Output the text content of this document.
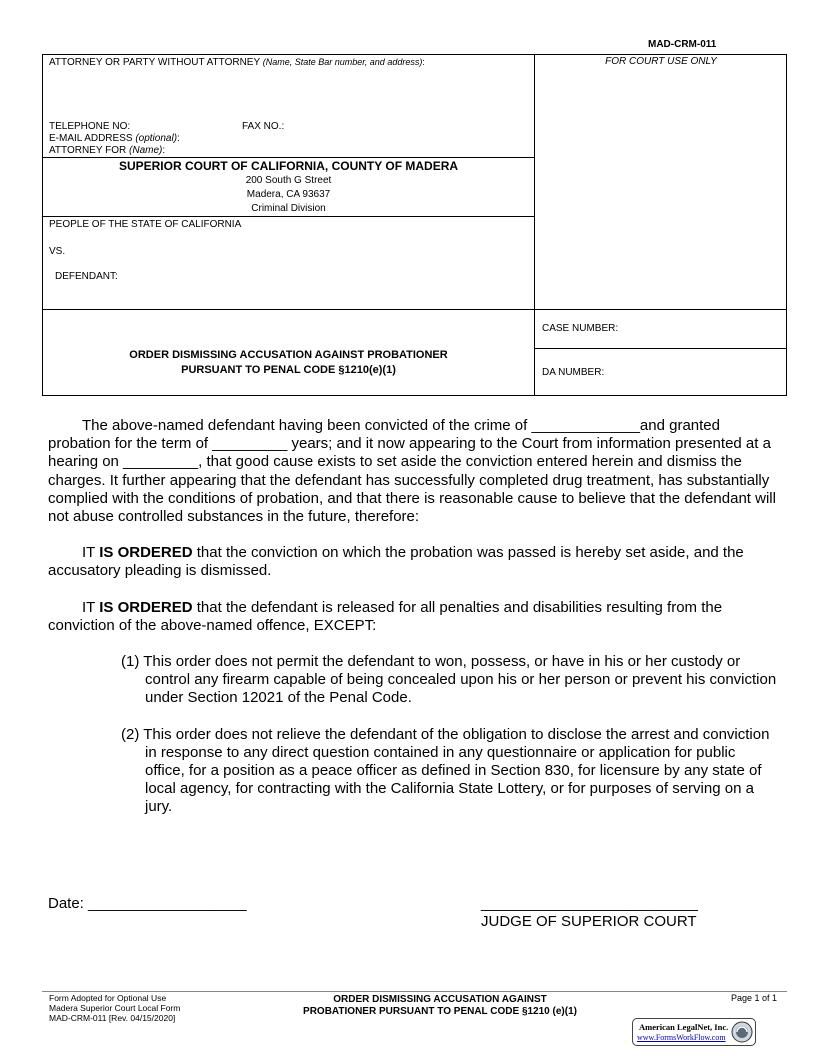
MAD-CRM-011
ATTORNEY OR PARTY WITHOUT ATTORNEY (Name, State Bar number, and address):	FOR COURT USE ONLY
TELEPHONE NO:	FAX NO.:
E-MAIL ADDRESS (optional):
ATTORNEY FOR (Name):
SUPERIOR COURT OF CALIFORNIA, COUNTY OF MADERA
200 South G Street
Madera, CA 93637
Criminal Division
PEOPLE OF THE STATE OF CALIFORNIA
VS.
DEFENDANT:
ORDER DISMISSING ACCUSATION AGAINST PROBATIONER
PURSUANT TO PENAL CODE §1210(e)(1)
CASE NUMBER:
DA NUMBER:

The above-named defendant having been convicted of the crime of _____________and granted probation for the term of _________ years; and it now appearing to the Court from information presented at a hearing on _________, that good cause exists to set aside the conviction entered herein and dismiss the charges. It further appearing that the defendant has successfully completed drug treatment, has substantially complied with the conditions of probation, and that there is reasonable cause to believe that the defendant will not abuse controlled substances in the future, therefore:

IT IS ORDERED that the conviction on which the probation was passed is hereby set aside, and the accusatory pleading is dismissed.

IT IS ORDERED that the defendant is released for all penalties and disabilities resulting from the conviction of the above-named offence, EXCEPT:

(1) This order does not permit the defendant to won, possess, or have in his or her custody or control any firearm capable of being concealed upon his or her person or prevent his conviction under Section 12021 of the Penal Code.

(2) This order does not relieve the defendant of the obligation to disclose the arrest and conviction in response to any direct question contained in any questionnaire or application for public office, for a position as a peace officer as defined in Section 830, for licensure by any state of local agency, for contracting with the California State Lottery, or for purposes of serving on a jury.

Date: ___________________	__________________________
JUDGE OF SUPERIOR COURT
Form Adopted for Optional Use
Madera Superior Court Local Form
MAD-CRM-011 [Rev. 04/15/2020]
ORDER DISMISSING ACCUSATION AGAINST
PROBATIONER PURSUANT TO PENAL CODE §1210 (e)(1)
Page 1 of 1
American LegalNet, Inc.
www.FormsWorkFlow.com
